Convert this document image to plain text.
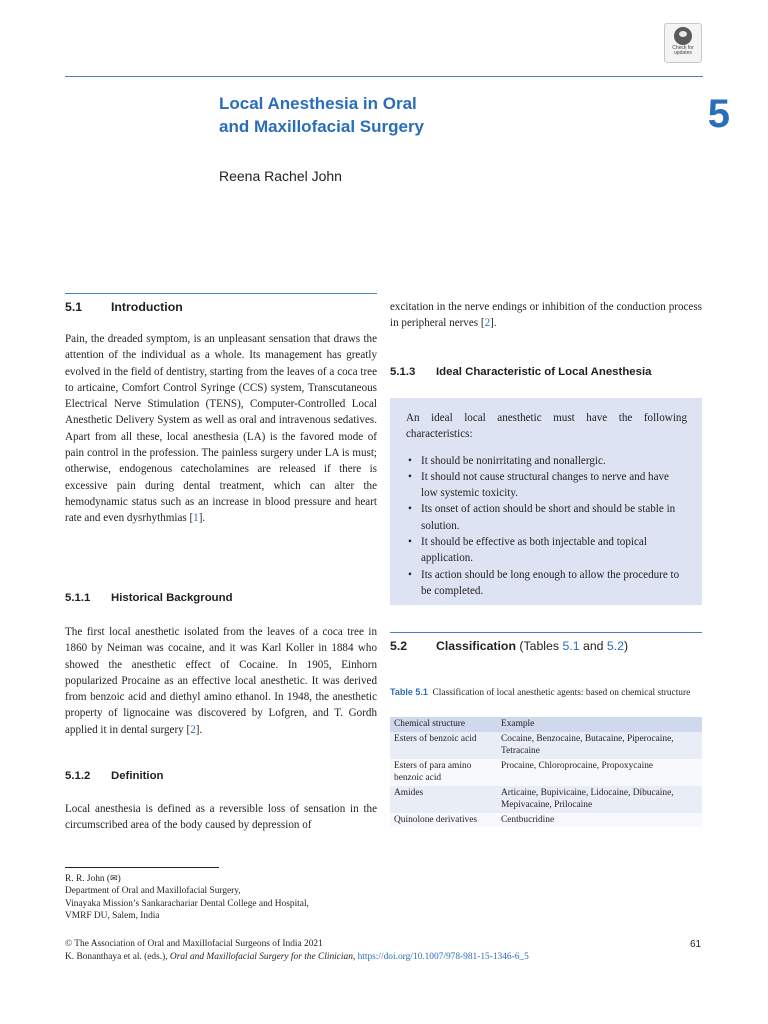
Check for
updates
Local Anesthesia in Oral
and Maxillofacial Surgery	5
Reena Rachel John
5.1 Introduction

Pain, the dreaded symptom, is an unpleasant sensation that draws the attention of the individual as a whole. Its management has greatly evolved in the field of dentistry, starting from the leaves of a coca tree to articaine, Comfort Control Syringe (CCS) system, Transcutaneous Electrical Nerve Stimulation (TENS), Computer-Controlled Local Anesthetic Delivery System as well as oral and intravenous sedatives. Apart from all these, local anesthesia (LA) is the favored mode of pain control in the profession. The painless surgery under LA is must; otherwise, endogenous catecholamines are released if there is excessive pain during dental treatment, which can alter the hemodynamic status such as an increase in blood pressure and heart rate and even dysrhythmias [1].

5.1.1 Historical Background

The first local anesthetic isolated from the leaves of a coca tree in 1860 by Neiman was cocaine, and it was Karl Koller in 1884 who showed the anesthetic effect of Cocaine. In 1905, Einhorn popularized Procaine as an effective local anesthetic. It was derived from benzoic acid and diethyl amino ethanol. In 1948, the anesthetic property of lignocaine was discovered by Lofgren, and T. Gordh applied it in dental surgery [2].

5.1.2 Definition

Local anesthesia is defined as a reversible loss of sensation in the circumscribed area of the body caused by depression of

excitation in the nerve endings or inhibition of the conduction process in peripheral nerves [2].

5.1.3 Ideal Characteristic of Local Anesthesia

An ideal local anesthetic must have the following characteristics:

• It should be nonirritating and nonallergic.
• It should not cause structural changes to nerve and have low systemic toxicity.
• Its onset of action should be short and should be stable in solution.
• It should be effective as both injectable and topical application.
• Its action should be long enough to allow the procedure to be completed.
5.2 Classification (Tables 5.1 and 5.2)
Table 5.1 Classification of local anesthetic agents: based on chemical structure
Chemical structure	Example
Esters of benzoic acid	Cocaine, Benzocaine, Butacaine, Piperocaine, Tetracaine
Esters of para amino benzoic acid	Procaine, Chloroprocaine, Propoxycaine
Amides	Articaine, Bupivicaine, Lidocaine, Dibucaine, Mepivacaine, Prilocaine
Quinolone derivatives	Centbucridine
R. R. John (✉)
Department of Oral and Maxillofacial Surgery,
Vinayaka Mission’s Sankarachariar Dental College and Hospital,
VMRF DU, Salem, India
© The Association of Oral and Maxillofacial Surgeons of India 2021
K. Bonanthaya et al. (eds.), Oral and Maxillofacial Surgery for the Clinician, https://doi.org/10.1007/978-981-15-1346-6_5
61
